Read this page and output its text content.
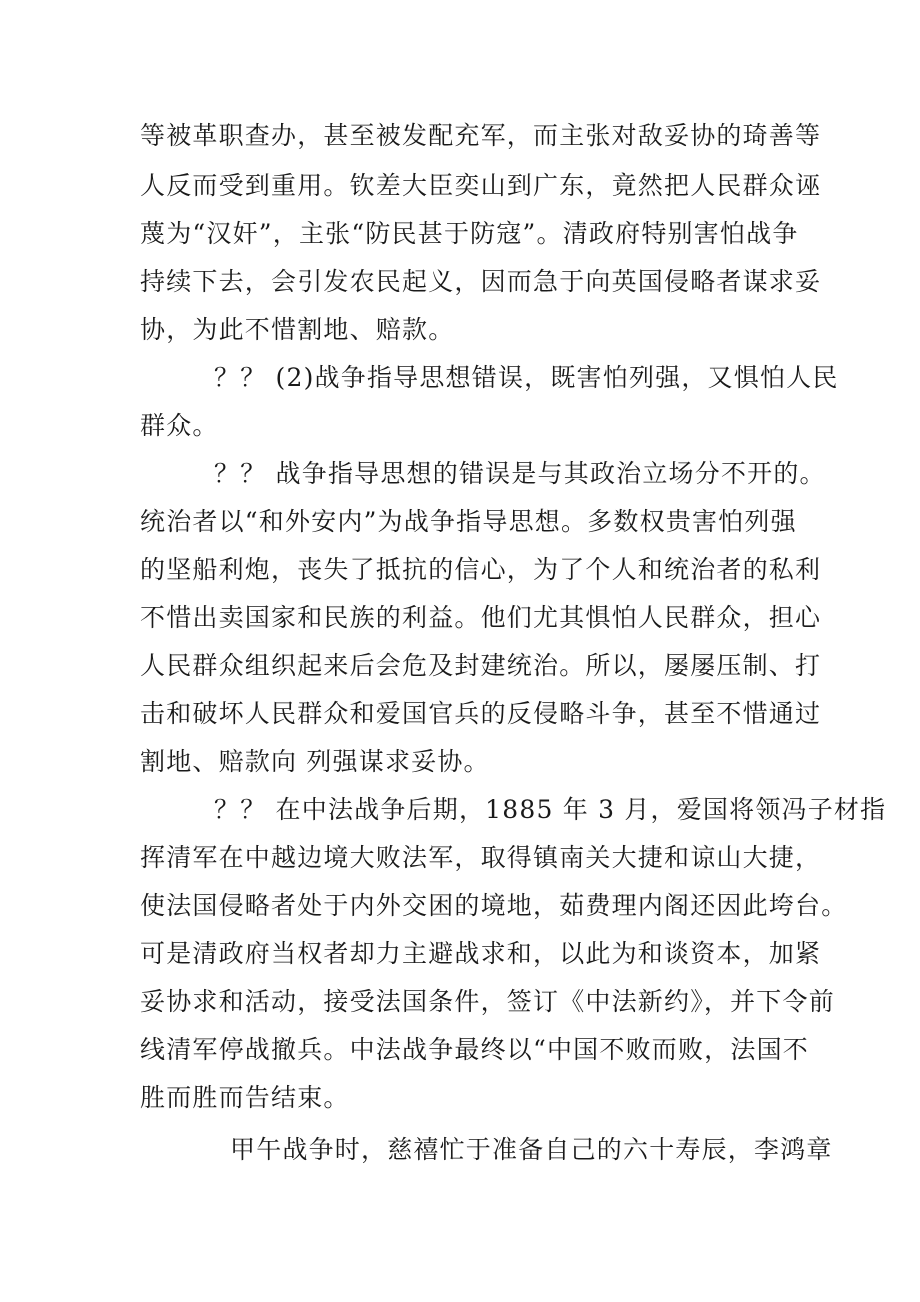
等被革职查办，甚至被发配充军，而主张对敌妥协的琦善等
人反而受到重用。钦差大臣奕山到广东，竟然把人民群众诬
蔑为“汉奸”，主张“防民甚于防寇”。清政府特别害怕战争
持续下去，会引发农民起义，因而急于向英国侵略者谋求妥
协，为此不惜割地、赔款。
？？ (2)战争指导思想错误，既害怕列强，又惧怕人民
群众。
？？ 战争指导思想的错误是与其政治立场分不开的。
统治者以“和外安内”为战争指导思想。多数权贵害怕列强
的坚船利炮，丧失了抵抗的信心，为了个人和统治者的私利
不惜出卖国家和民族的利益。他们尤其惧怕人民群众，担心
人民群众组织起来后会危及封建统治。所以，屡屡压制、打
击和破坏人民群众和爱国官兵的反侵略斗争，甚至不惜通过
割地、赔款向 列强谋求妥协。
？？ 在中法战争后期，1885 年 3 月，爱国将领冯子材指
挥清军在中越边境大败法军，取得镇南关大捷和谅山大捷，
使法国侵略者处于内外交困的境地，茹费理内阁还因此垮台。
可是清政府当权者却力主避战求和，以此为和谈资本，加紧
妥协求和活动，接受法国条件，签订《中法新约》，并下令前
线清军停战撤兵。中法战争最终以“中国不败而败，法国不
胜而胜而告结束。
甲午战争时，慈禧忙于准备自己的六十寿辰，李鸿章
